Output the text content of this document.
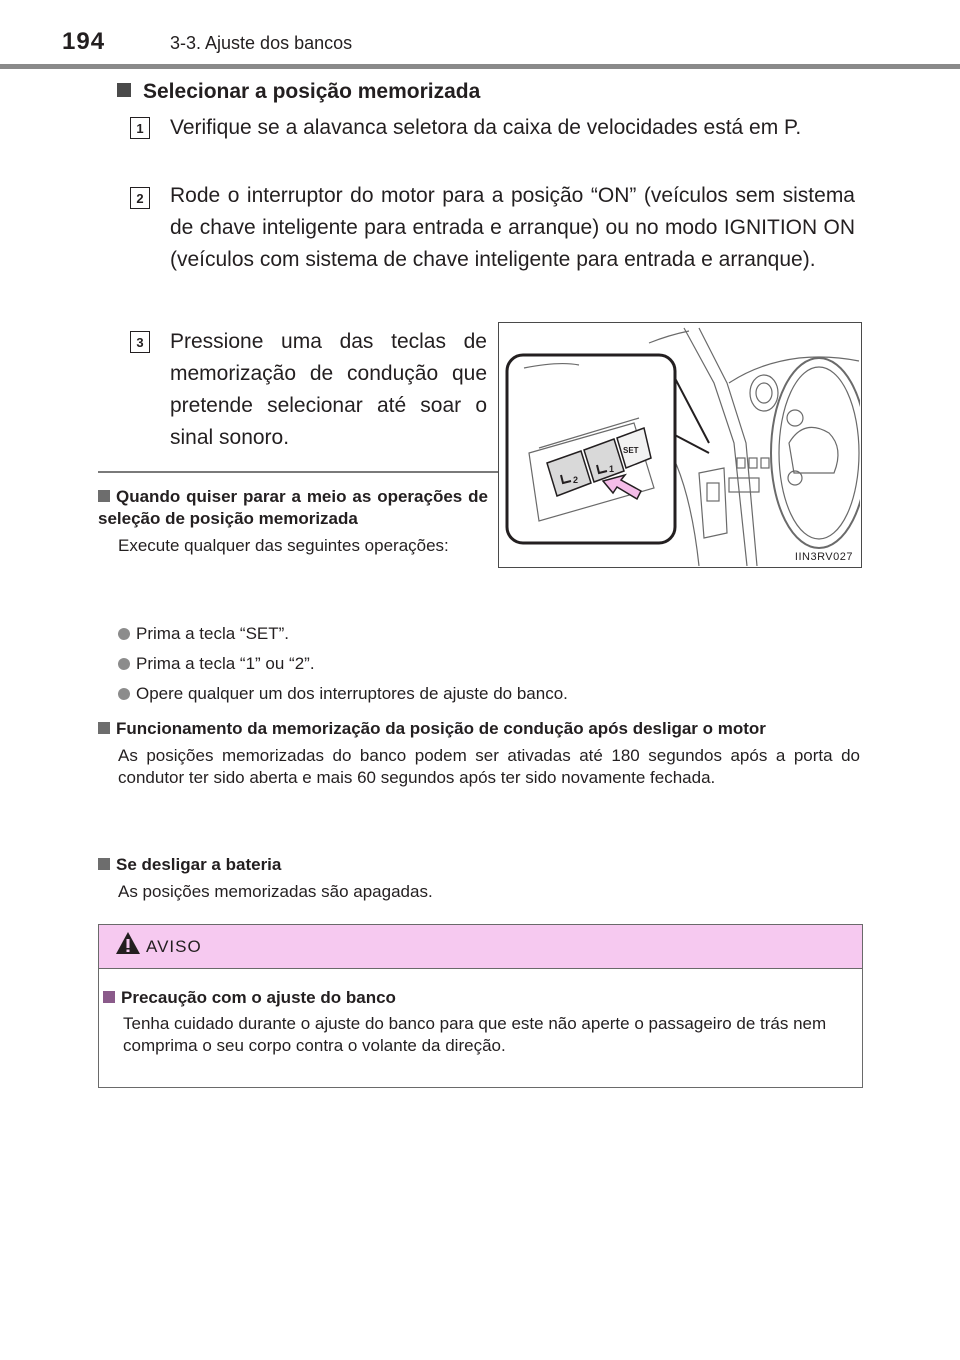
194	3-3. Ajuste dos bancos
Selecionar a posição memorizada
1	Verifique se a alavanca seletora da caixa de velocidades está em P.
2	Rode o interruptor do motor para a posição “ON” (veículos sem sistema de chave inteligente para entrada e arranque) ou no modo IGNITION ON (veículos com sistema de chave inteligente para entrada e arranque).
3	Pressione uma das teclas de memorização de condução que pretende selecionar até soar o sinal sonoro.
2
1
SET
IIN3RV027
Quando quiser parar a meio as operações de seleção de posição memorizada
Execute qualquer das seguintes operações:
Prima a tecla “SET”.
Prima a tecla “1” ou “2”.
Opere qualquer um dos interruptores de ajuste do banco.
Funcionamento da memorização da posição de condução após desligar o motor
As posições memorizadas do banco podem ser ativadas até 180 segundos após a porta do condutor ter sido aberta e mais 60 segundos após ter sido novamente fechada.
Se desligar a bateria
As posições memorizadas são apagadas.
AVISO
Precaução com o ajuste do banco
Tenha cuidado durante o ajuste do banco para que este não aperte o passageiro de trás nem comprima o seu corpo contra o volante da direção.
